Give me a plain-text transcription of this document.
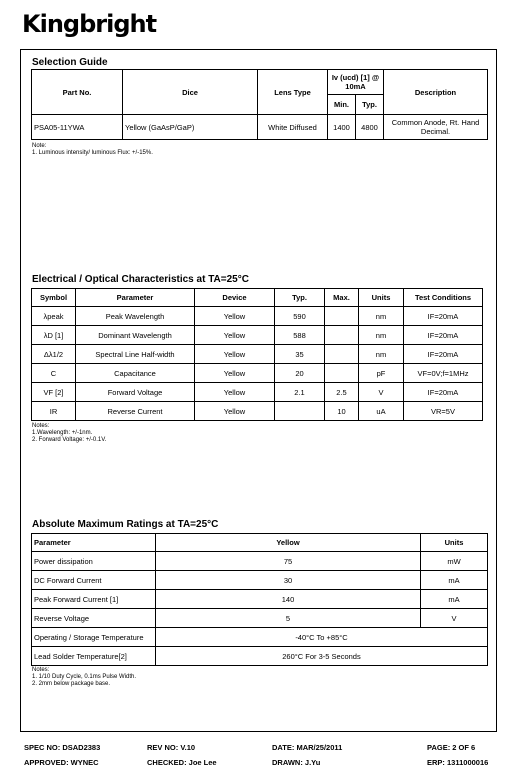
Kingbright
Selection Guide
Part No.	Dice	Lens Type	Iv (ucd) [1] @ 10mA		Description
			Min.	Typ.	
PSA05-11YWA	Yellow (GaAsP/GaP)	White Diffused	1400	4800	Common Anode, Rt. Hand Decimal.
Note:
1. Luminous intensity/ luminous Flux: +/-15%.
Electrical / Optical Characteristics at TA=25°C
Symbol	Parameter	Device	Typ.	Max.	Units	Test Conditions
λpeak	Peak Wavelength	Yellow	590		nm	IF=20mA
λD [1]	Dominant Wavelength	Yellow	588		nm	IF=20mA
Δλ1/2	Spectral Line Half-width	Yellow	35		nm	IF=20mA
C	Capacitance	Yellow	20		pF	VF=0V;f=1MHz
VF [2]	Forward Voltage	Yellow	2.1	2.5	V	IF=20mA
IR	Reverse Current	Yellow		10	uA	VR=5V
Notes:
1.Wavelength: +/-1nm.
2. Forward Voltage: +/-0.1V.
Absolute Maximum Ratings at TA=25°C
Parameter	Yellow	Units
Power dissipation	75	mW
DC Forward Current	30	mA
Peak Forward Current [1]	140	mA
Reverse Voltage	5	V
Operating / Storage Temperature	-40°C To +85°C	
Lead Solder Temperature[2]	260°C For 3-5 Seconds	
Notes:
1. 1/10 Duty Cycle, 0.1ms Pulse Width.
2. 2mm below package base.
SPEC NO: DSAD2383	REV NO: V.10	DATE: MAR/25/2011	PAGE: 2 OF 6
APPROVED: WYNEC	CHECKED: Joe Lee	DRAWN: J.Yu	ERP: 1311000016
